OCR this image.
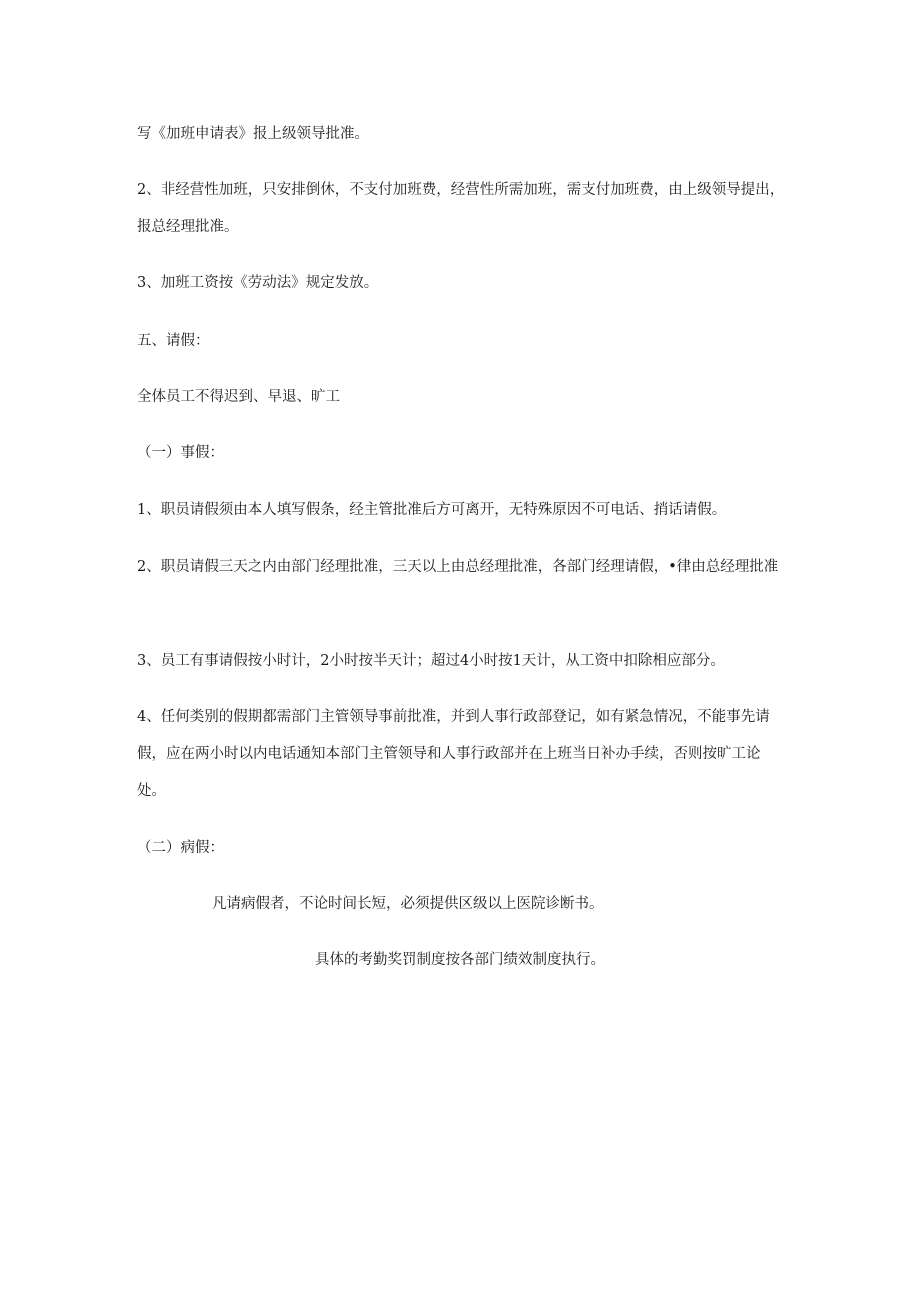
写《加班申请表》报上级领导批准。

2、非经营性加班，只安排倒休，不支付加班费，经营性所需加班，需支付加班费，由上级领导提出，报总经理批准。

3、加班工资按《劳动法》规定发放。

五、请假：

全体员工不得迟到、早退、旷工

（一）事假：

1、职员请假须由本人填写假条，经主管批准后方可离开，无特殊原因不可电话、捎话请假。

2、职员请假三天之内由部门经理批准，三天以上由总经理批准，各部门经理请假，•律由总经理批准

3、员工有事请假按小时计，2小时按半天计；超过4小时按1天计，从工资中扣除相应部分。

4、任何类别的假期都需部门主管领导事前批准，并到人事行政部登记，如有紧急情况，不能事先请假，应在两小时以内电话通知本部门主管领导和人事行政部并在上班当日补办手续，否则按旷工论处。

（二）病假：

凡请病假者，不论时间长短，必须提供区级以上医院诊断书。

具体的考勤奖罚制度按各部门绩效制度执行。
